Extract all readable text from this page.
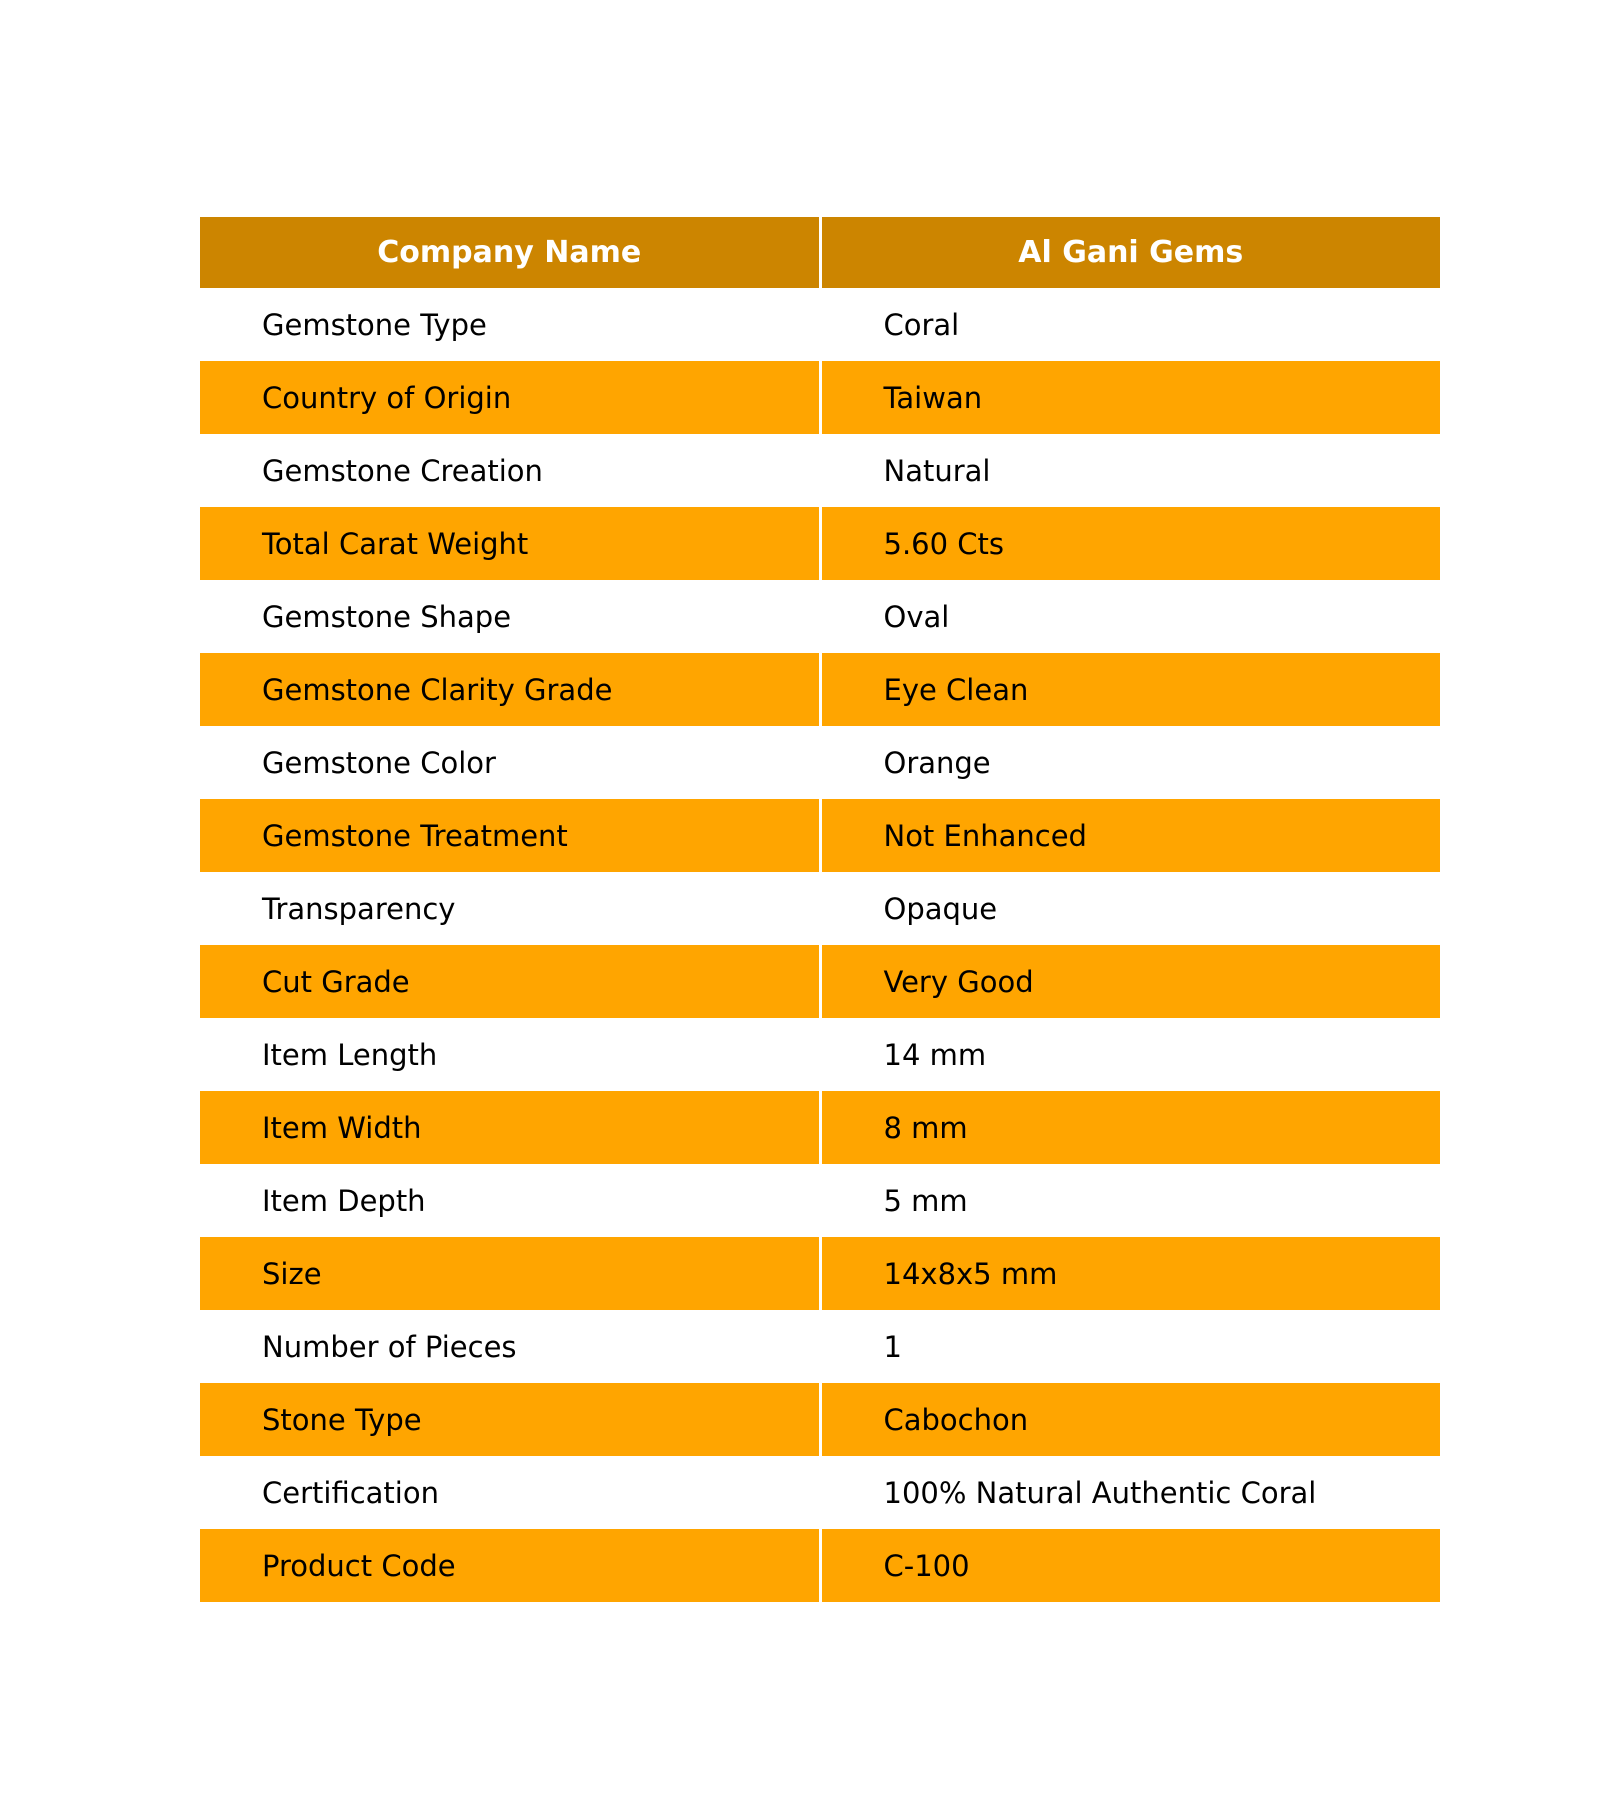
Company Name	Al Gani Gems
Gemstone Type	Coral
Country of Origin	Taiwan
Gemstone Creation	Natural
Total Carat Weight	5.60 Cts
Gemstone Shape	Oval
Gemstone Clarity Grade	Eye Clean
Gemstone Color	Orange
Gemstone Treatment	Not Enhanced
Transparency	Opaque
Cut Grade	Very Good
Item Length	14 mm
Item Width	8 mm
Item Depth	5 mm
Size	14x8x5 mm
Number of Pieces	1
Stone Type	Cabochon
Certification	100% Natural Authentic Coral
Product Code	C-100
